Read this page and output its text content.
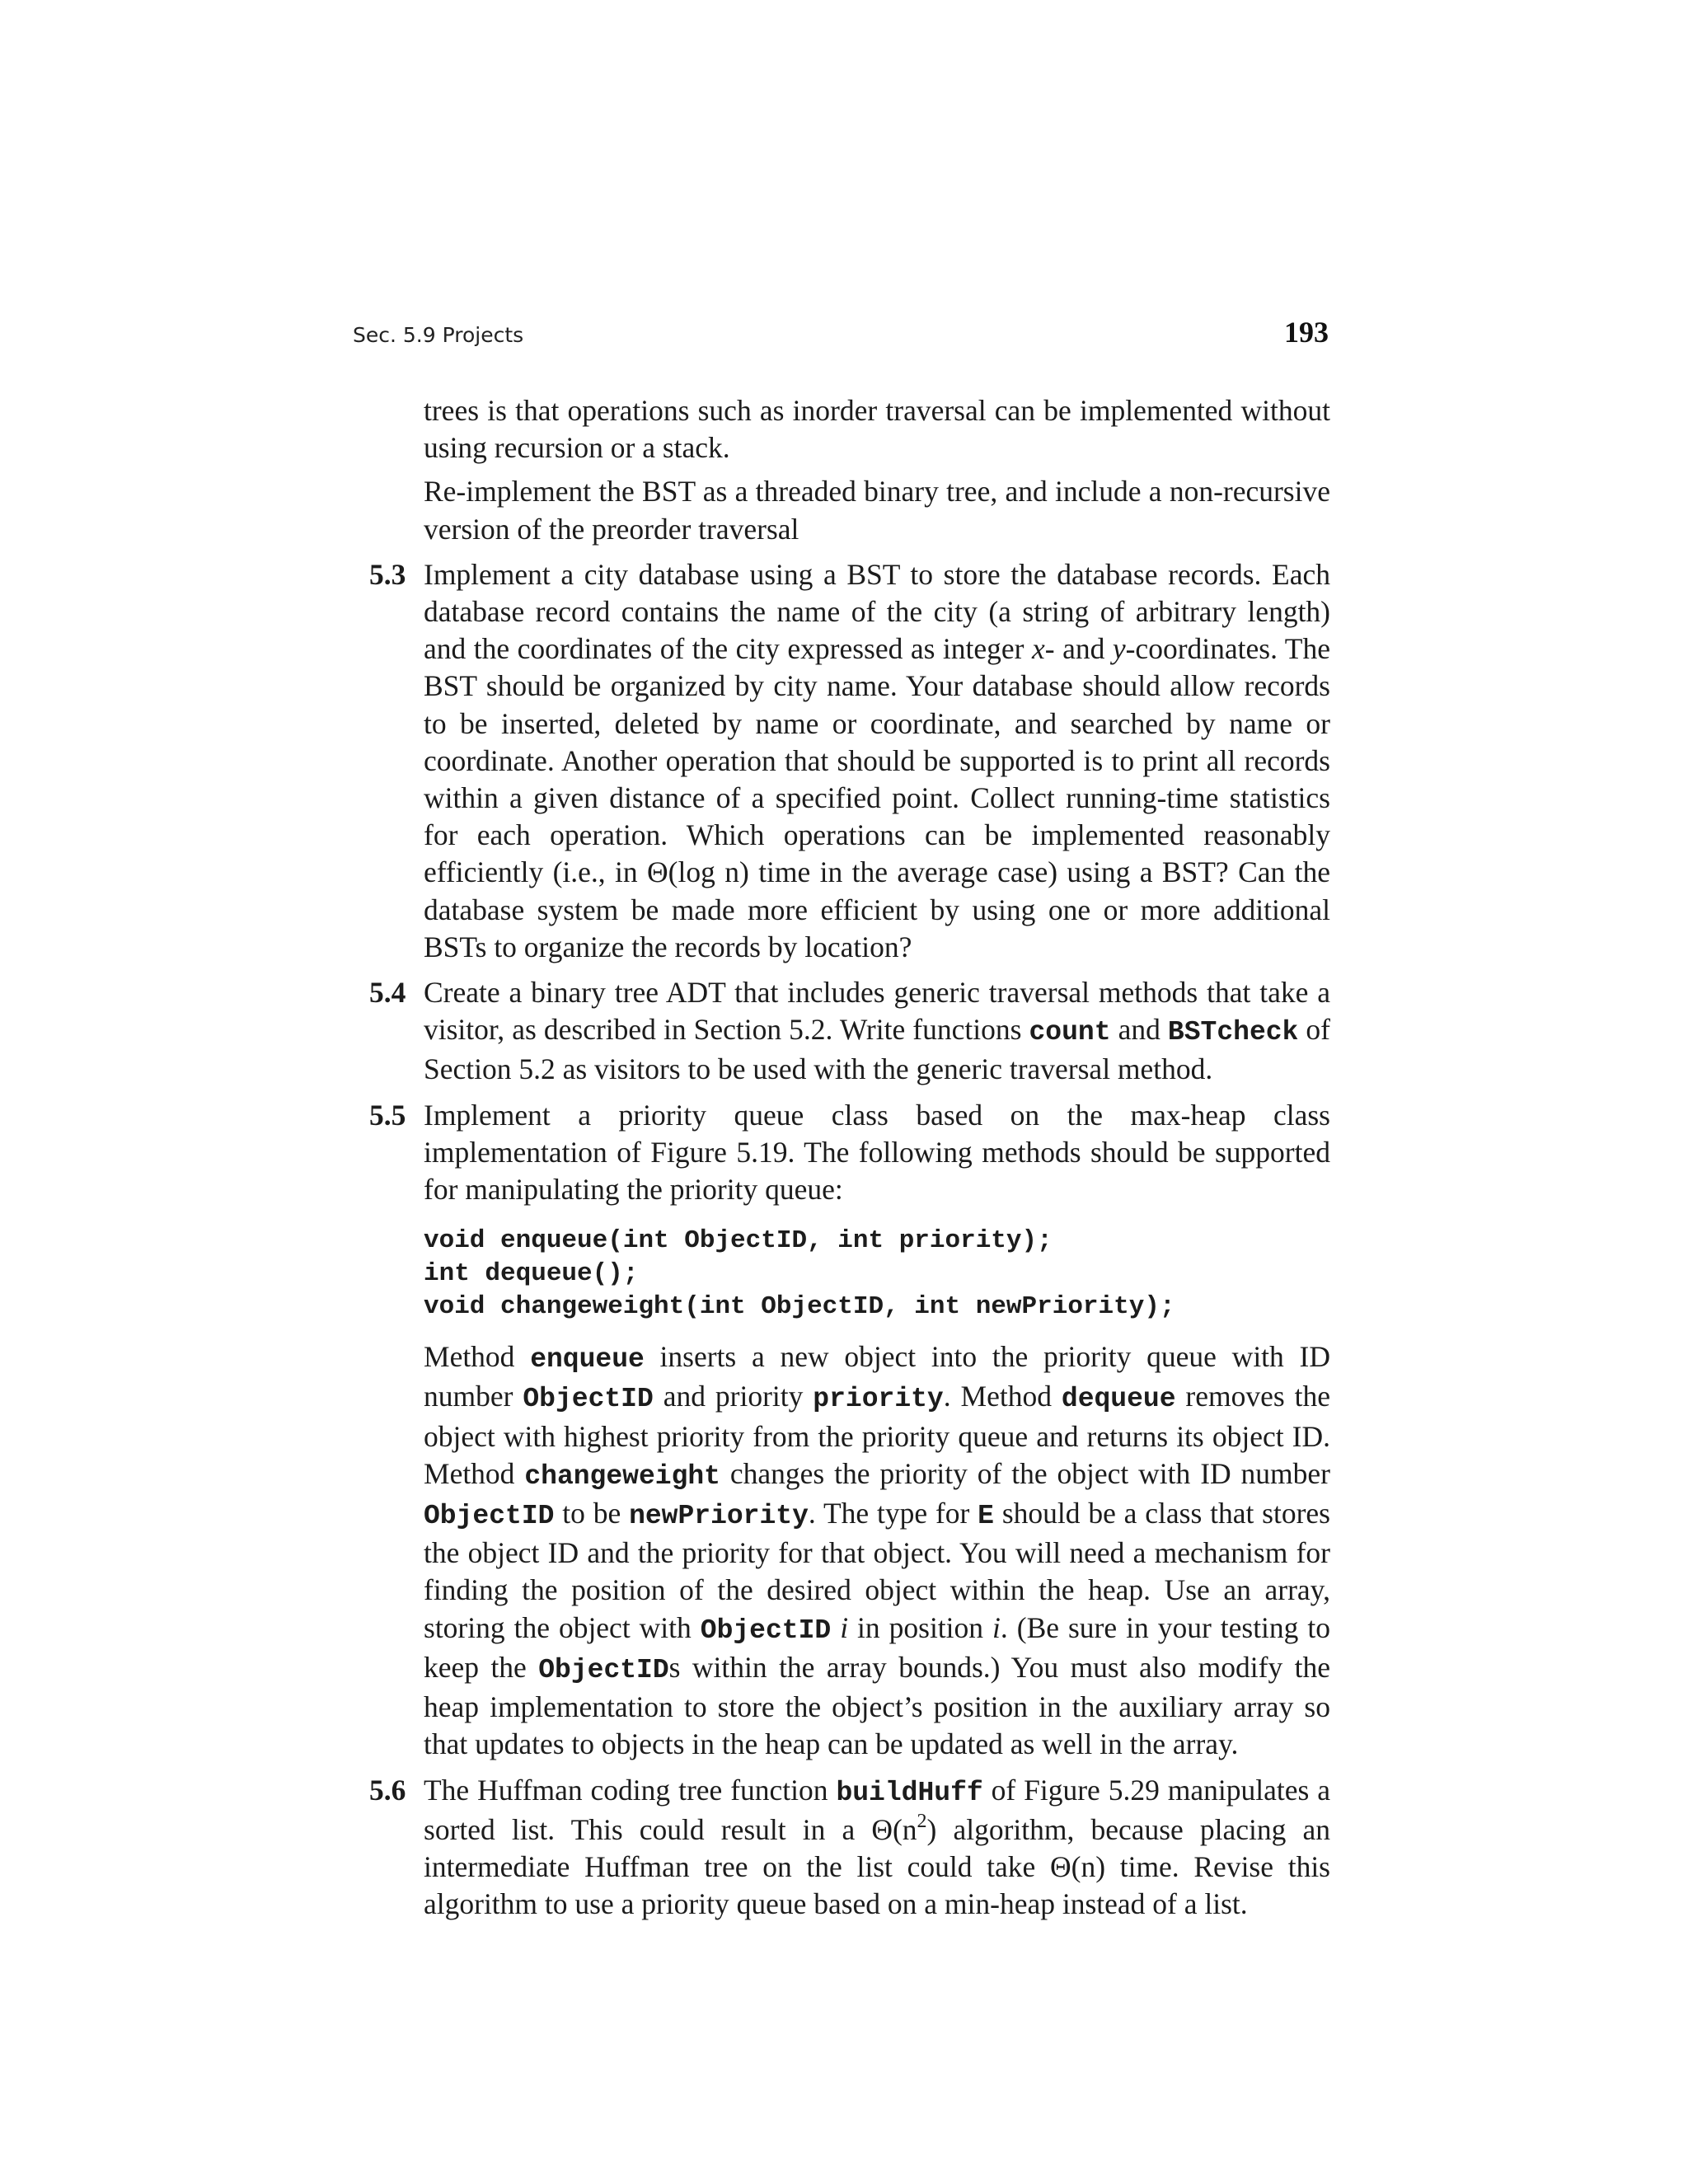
Sec. 5.9 Projects	193

trees is that operations such as inorder traversal can be implemented without using recursion or a stack.

Re-implement the BST as a threaded binary tree, and include a non-recursive version of the preorder traversal

5.3 Implement a city database using a BST to store the database records. Each database record contains the name of the city (a string of arbitrary length) and the coordinates of the city expressed as integer x- and y-coordinates. The BST should be organized by city name. Your database should allow records to be inserted, deleted by name or coordinate, and searched by name or coordinate. Another operation that should be supported is to print all records within a given distance of a specified point. Collect running-time statistics for each operation. Which operations can be implemented reasonably efficiently (i.e., in Θ(log n) time in the average case) using a BST? Can the database system be made more efficient by using one or more additional BSTs to organize the records by location?

5.4 Create a binary tree ADT that includes generic traversal methods that take a visitor, as described in Section 5.2. Write functions count and BSTcheck of Section 5.2 as visitors to be used with the generic traversal method.

5.5 Implement a priority queue class based on the max-heap class implementation of Figure 5.19. The following methods should be supported for manipulating the priority queue:

void enqueue(int ObjectID, int priority);
int dequeue();
void changeweight(int ObjectID, int newPriority);

Method enqueue inserts a new object into the priority queue with ID number ObjectID and priority priority. Method dequeue removes the object with highest priority from the priority queue and returns its object ID. Method changeweight changes the priority of the object with ID number ObjectID to be newPriority. The type for E should be a class that stores the object ID and the priority for that object. You will need a mechanism for finding the position of the desired object within the heap. Use an array, storing the object with ObjectID i in position i. (Be sure in your testing to keep the ObjectIDs within the array bounds.) You must also modify the heap implementation to store the object’s position in the auxiliary array so that updates to objects in the heap can be updated as well in the array.

5.6 The Huffman coding tree function buildHuff of Figure 5.29 manipulates a sorted list. This could result in a $\Theta(n^2)$ algorithm, because placing an intermediate Huffman tree on the list could take Θ(n) time. Revise this algorithm to use a priority queue based on a min-heap instead of a list.
